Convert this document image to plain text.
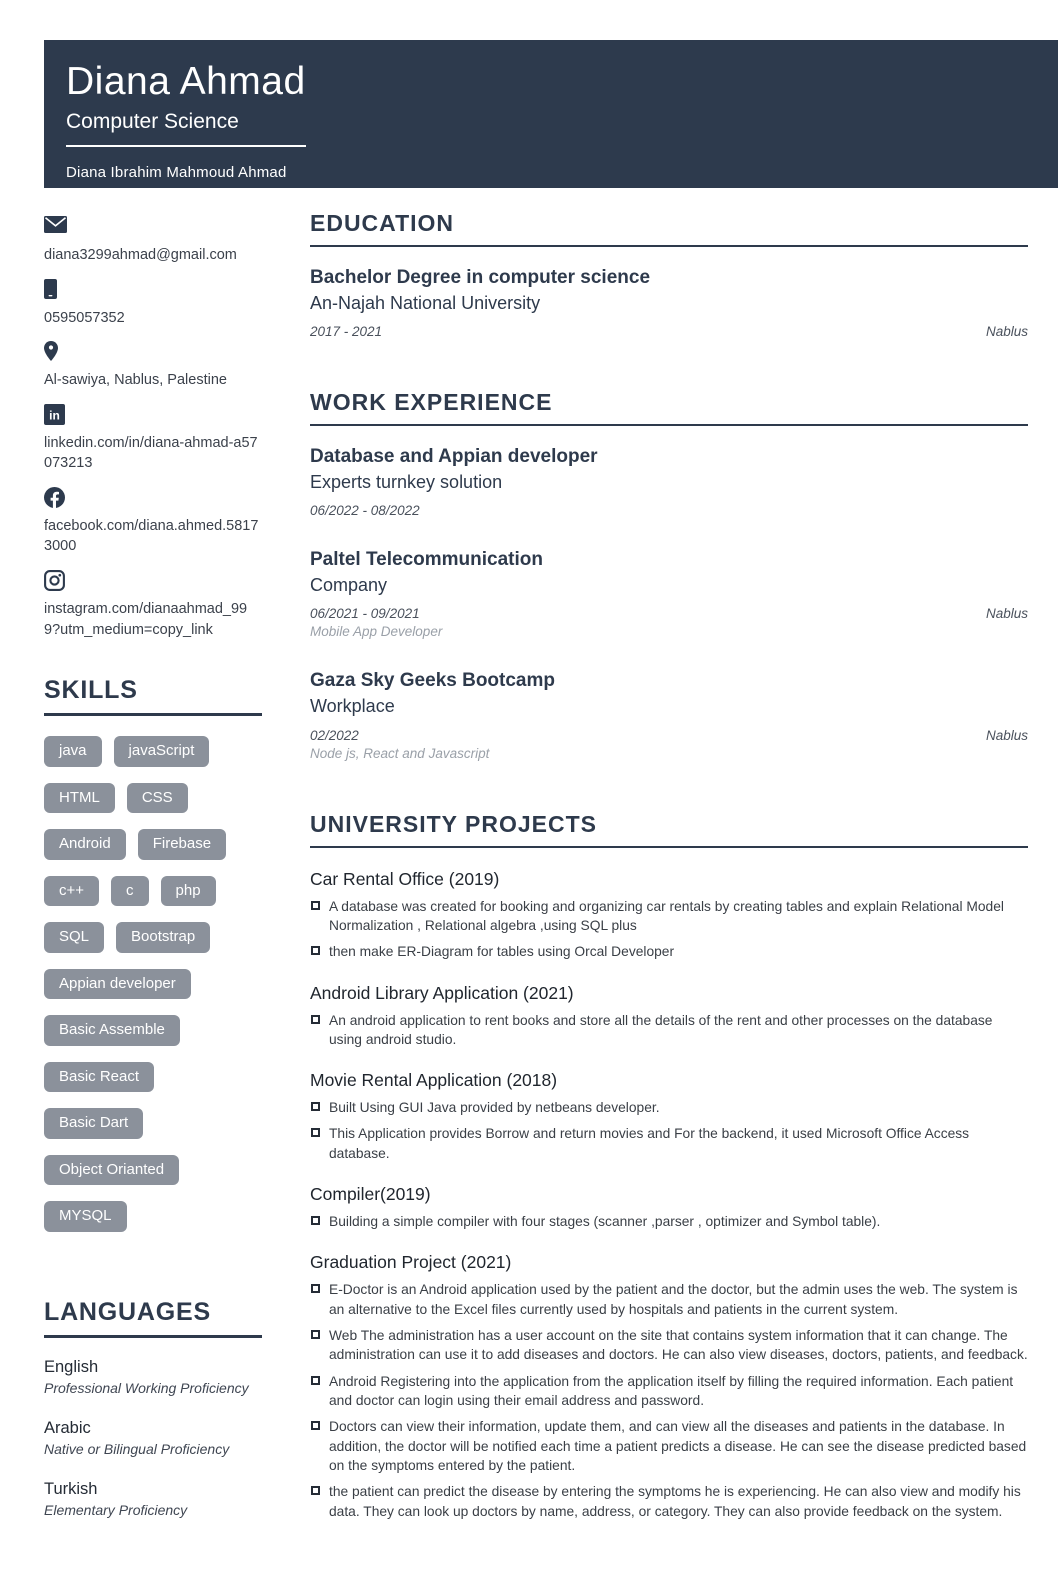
Diana Ahmad
Computer Science
Diana Ibrahim Mahmoud Ahmad
diana3299ahmad@gmail.com
0595057352
Al-sawiya, Nablus, Palestine
in
linkedin.com/in/diana-ahmad-a57073213
facebook.com/diana.ahmed.58173000
instagram.com/dianaahmad_999?utm_medium=copy_link
SKILLS
java	javaScript
HTML	CSS
Android	Firebase
c++	c	php
SQL	Bootstrap
Appian developer
Basic Assemble
Basic React
Basic Dart
Object Orianted
MYSQL
LANGUAGES
English
Professional Working Proficiency
Arabic
Native or Bilingual Proficiency
Turkish
Elementary Proficiency
EDUCATION
Bachelor Degree in computer science
An-Najah National University
2017 - 2021	Nablus
WORK EXPERIENCE
Database and Appian developer
Experts turnkey solution
06/2022 - 08/2022
Paltel Telecommunication
Company
06/2021 - 09/2021	Nablus
Mobile App Developer
Gaza Sky Geeks Bootcamp
Workplace
02/2022	Nablus
Node js, React and Javascript
UNIVERSITY PROJECTS
Car Rental Office (2019)
A database was created for booking and organizing car rentals by creating tables and explain Relational Model Normalization , Relational algebra ,using SQL plus
then make ER-Diagram for tables using Orcal Developer
Android Library Application (2021)
An android application to rent books and store all the details of the rent and other processes on the database using android studio.
Movie Rental Application (2018)
Built Using GUI Java provided by netbeans developer.
This Application provides Borrow and return movies and For the backend, it used Microsoft Office Access database.
Compiler(2019)
Building a simple compiler with four stages (scanner ,parser , optimizer and Symbol table).
Graduation Project (2021)
E-Doctor is an Android application used by the patient and the doctor, but the admin uses the web. The system is an alternative to the Excel files currently used by hospitals and patients in the current system.
Web The administration has a user account on the site that contains system information that it can change. The administration can use it to add diseases and doctors. He can also view diseases, doctors, patients, and feedback.
Android Registering into the application from the application itself by filling the required information. Each patient and doctor can login using their email address and password.
Doctors can view their information, update them, and can view all the diseases and patients in the database. In addition, the doctor will be notified each time a patient predicts a disease. He can see the disease predicted based on the symptoms entered by the patient.
the patient can predict the disease by entering the symptoms he is experiencing. He can also view and modify his data. They can look up doctors by name, address, or category. They can also provide feedback on the system.
